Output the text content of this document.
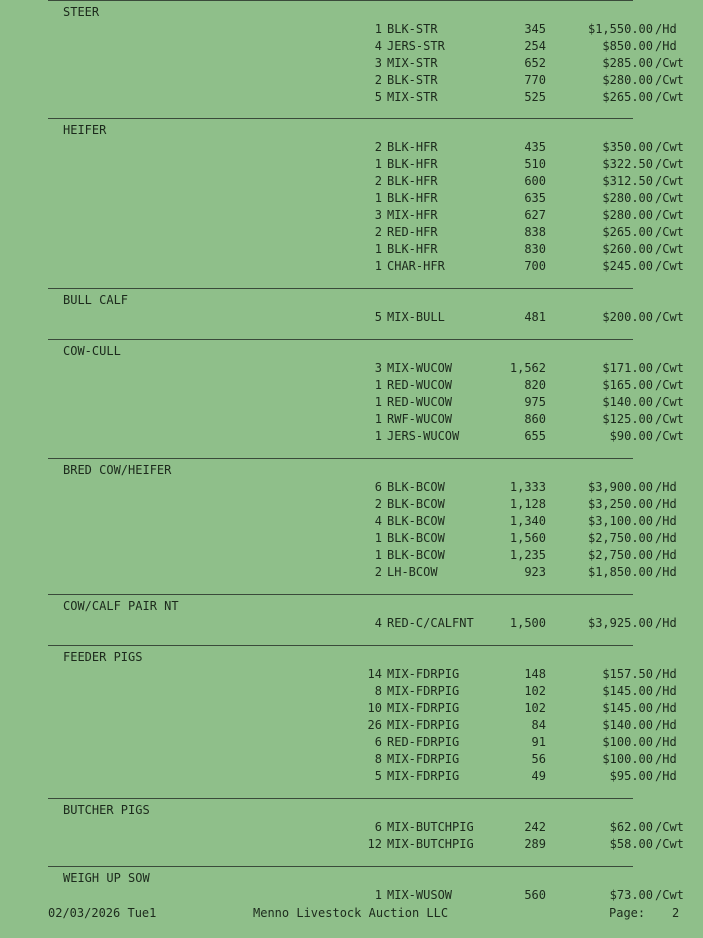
STEER
1 BLK-STR	345	$1,550.00 /Hd
4 JERS-STR	254	$850.00 /Hd
3 MIX-STR	652	$285.00 /Cwt
2 BLK-STR	770	$280.00 /Cwt
5 MIX-STR	525	$265.00 /Cwt
HEIFER
2 BLK-HFR	435	$350.00 /Cwt
1 BLK-HFR	510	$322.50 /Cwt
2 BLK-HFR	600	$312.50 /Cwt
1 BLK-HFR	635	$280.00 /Cwt
3 MIX-HFR	627	$280.00 /Cwt
2 RED-HFR	838	$265.00 /Cwt
1 BLK-HFR	830	$260.00 /Cwt
1 CHAR-HFR	700	$245.00 /Cwt
BULL CALF
5 MIX-BULL	481	$200.00 /Cwt
COW-CULL
3 MIX-WUCOW	1,562	$171.00 /Cwt
1 RED-WUCOW	820	$165.00 /Cwt
1 RED-WUCOW	975	$140.00 /Cwt
1 RWF-WUCOW	860	$125.00 /Cwt
1 JERS-WUCOW	655	$90.00 /Cwt
BRED COW/HEIFER
6 BLK-BCOW	1,333	$3,900.00 /Hd
2 BLK-BCOW	1,128	$3,250.00 /Hd
4 BLK-BCOW	1,340	$3,100.00 /Hd
1 BLK-BCOW	1,560	$2,750.00 /Hd
1 BLK-BCOW	1,235	$2,750.00 /Hd
2 LH-BCOW	923	$1,850.00 /Hd
COW/CALF PAIR NT
4 RED-C/CALFNT	1,500	$3,925.00 /Hd
FEEDER PIGS
14 MIX-FDRPIG	148	$157.50 /Hd
8 MIX-FDRPIG	102	$145.00 /Hd
10 MIX-FDRPIG	102	$145.00 /Hd
26 MIX-FDRPIG	84	$140.00 /Hd
6 RED-FDRPIG	91	$100.00 /Hd
8 MIX-FDRPIG	56	$100.00 /Hd
5 MIX-FDRPIG	49	$95.00 /Hd
BUTCHER PIGS
6 MIX-BUTCHPIG	242	$62.00 /Cwt
12 MIX-BUTCHPIG	289	$58.00 /Cwt
WEIGH UP SOW
1 MIX-WUSOW	560	$73.00 /Cwt
02/03/2026 Tue1	Menno Livestock Auction LLC	Page: 2
